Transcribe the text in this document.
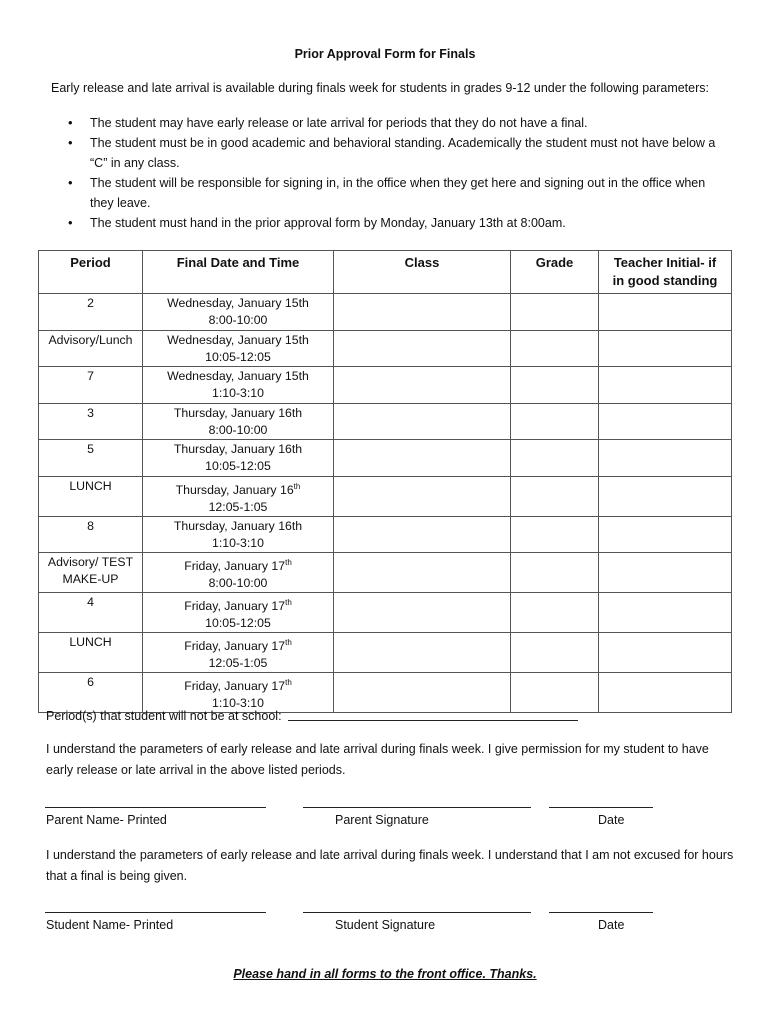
Prior Approval Form for Finals
Early release and late arrival is available during finals week for students in grades 9-12 under the following parameters:
• The student may have early release or late arrival for periods that they do not have a final.
• The student must be in good academic and behavioral standing. Academically the student must not have below a “C” in any class.
• The student will be responsible for signing in, in the office when they get here and signing out in the office when they leave.
• The student must hand in the prior approval form by Monday, January 13th at 8:00am.
Period	Final Date and Time	Class	Grade	Teacher Initial- if
in good standing

2	Wednesday, January 15th
8:00-10:00			

Advisory/Lunch	Wednesday, January 15th
10:05-12:05			

7	Wednesday, January 15th
1:10-3:10			

3	Thursday, January 16th
8:00-10:00			

5	Thursday, January 16th
10:05-12:05			

LUNCH	Thursday, January 16th
12:05-1:05			

8	Thursday, January 16th
1:10-3:10			

Advisory/ TEST
MAKE-UP	Friday, January 17th
8:00-10:00			

4	Friday, January 17th
10:05-12:05			

LUNCH	Friday, January 17th
12:05-1:05			

6	Friday, January 17th
1:10-3:10			

Period(s) that student will not be at school:
I understand the parameters of early release and late arrival during finals week. I give permission for my student to have early release or late arrival in the above listed periods.
Parent Name- Printed	Parent Signature	Date
I understand the parameters of early release and late arrival during finals week. I understand that I am not excused for hours that a final is being given.
Student Name- Printed	Student Signature	Date
Please hand in all forms to the front office. Thanks.
